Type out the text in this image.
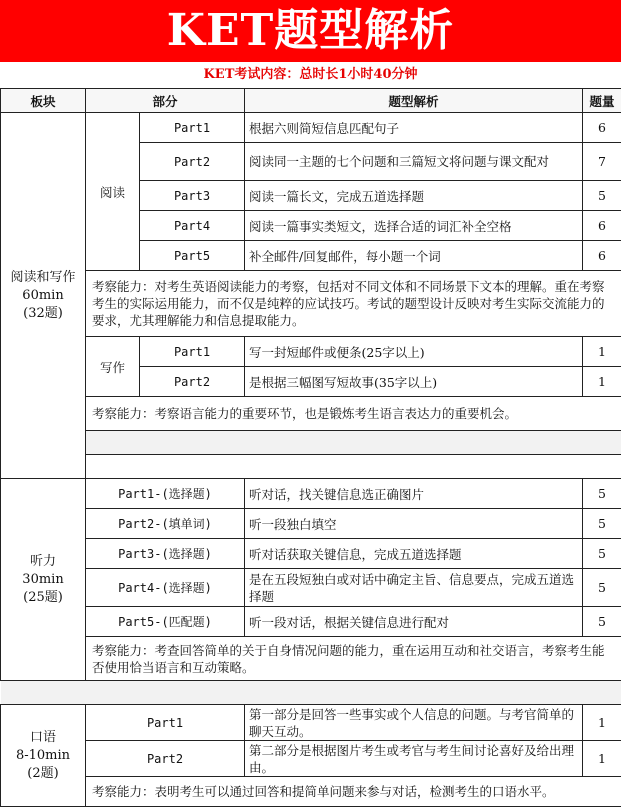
KET题型解析
KET考试内容：总时长1小时40分钟
板块	部分		题型解析	题量

阅读和写作
60min
(32题)	阅读	Part1	根据六则简短信息匹配句子	6
		Part2	阅读同一主题的七个问题和三篇短文将问题与课文配对	7
		Part3	阅读一篇长文，完成五道选择题	5
		Part4	阅读一篇事实类短文，选择合适的词汇补全空格	6
		Part5	补全邮件/回复邮件，每小题一个词	6
	考察能力：对考生英语阅读能力的考察，包括对不同文体和不同场景下文本的理解。重在考察考生的实际运用能力，而不仅是纯粹的应试技巧。考试的题型设计反映对考生实际交流能力的要求，尤其理解能力和信息提取能力。			
	写作	Part1	写一封短邮件或便条(25字以上)	1
		Part2	是根据三幅图写短故事(35字以上)	1
	考察能力：考察语言能力的重要环节，也是锻炼考生语言表达力的重要机会。			

听力
30min
(25题)	Part1-(选择题)		听对话，找关键信息选正确图片	5
	Part2-(填单词)		听一段独白填空	5
	Part3-(选择题)		听对话获取关键信息，完成五道选择题	5
	Part4-(选择题)		是在五段短独白或对话中确定主旨、信息要点，完成五道选择题	5
	Part5-(匹配题)		听一段对话，根据关键信息进行配对	5
	考察能力：考查回答简单的关于自身情况问题的能力，重在运用互动和社交语言，考察考生能否使用恰当语言和互动策略。			

口语
8-10min
(2题)	Part1		第一部分是回答一些事实或个人信息的问题。与考官简单的聊天互动。	1
	Part2		第二部分是根据图片考生或考官与考生间讨论喜好及给出理由。	1
	考察能力：表明考生可以通过回答和提简单问题来参与对话，检测考生的口语水平。			
